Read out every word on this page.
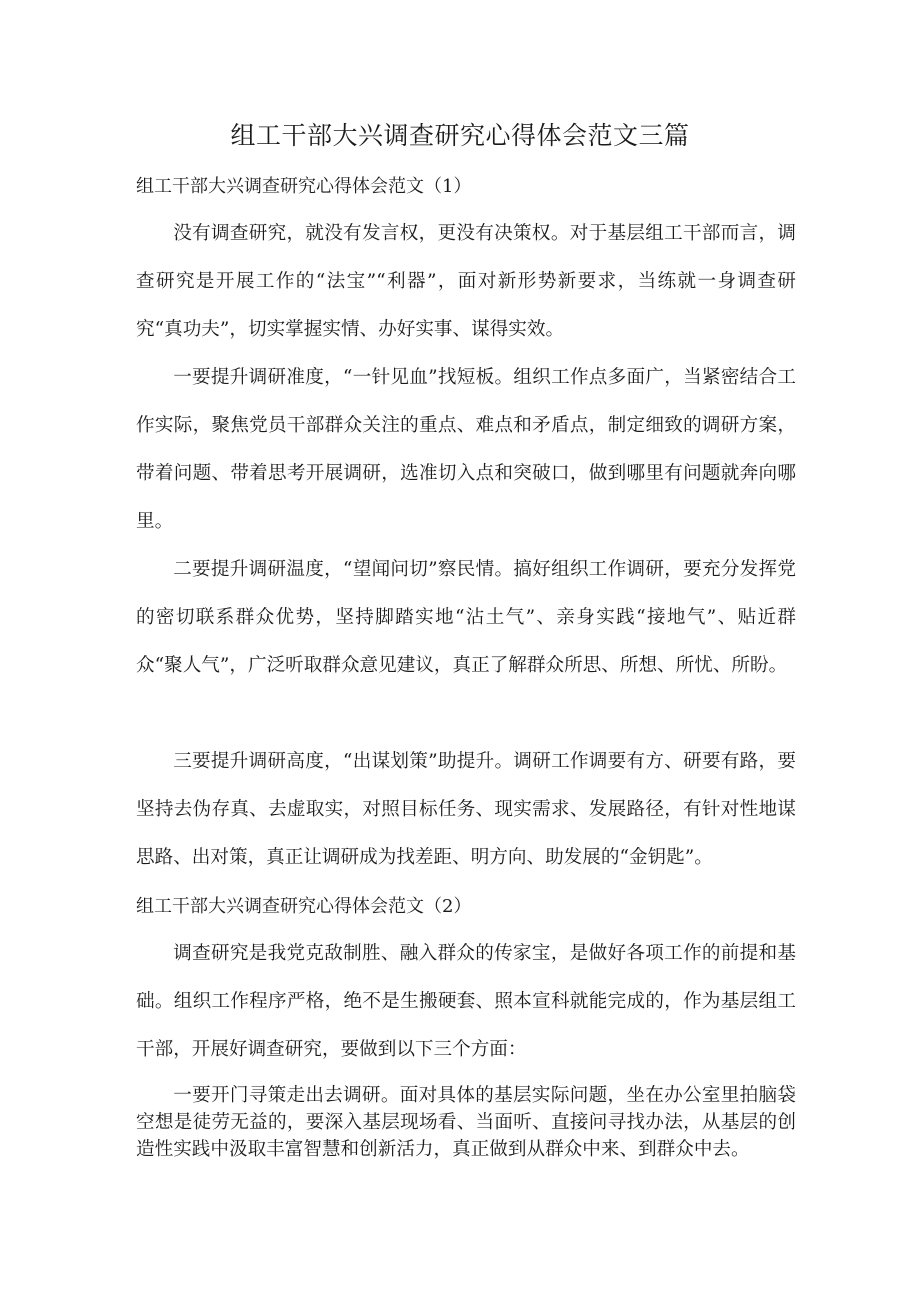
组工干部大兴调查研究心得体会范文三篇
组工干部大兴调查研究心得体会范文（1）

没有调查研究，就没有发言权，更没有决策权。对于基层组工干部而言，调查研究是开展工作的“法宝”“利器”，面对新形势新要求，当练就一身调查研究“真功夫”，切实掌握实情、办好实事、谋得实效。

一要提升调研准度，“一针见血”找短板。组织工作点多面广，当紧密结合工作实际，聚焦党员干部群众关注的重点、难点和矛盾点，制定细致的调研方案，带着问题、带着思考开展调研，选准切入点和突破口，做到哪里有问题就奔向哪里。

二要提升调研温度，“望闻问切”察民情。搞好组织工作调研，要充分发挥党的密切联系群众优势，坚持脚踏实地“沾土气”、亲身实践“接地气”、贴近群众“聚人气”，广泛听取群众意见建议，真正了解群众所思、所想、所忧、所盼。

三要提升调研高度，“出谋划策”助提升。调研工作调要有方、研要有路，要坚持去伪存真、去虚取实，对照目标任务、现实需求、发展路径，有针对性地谋思路、出对策，真正让调研成为找差距、明方向、助发展的“金钥匙”。

组工干部大兴调查研究心得体会范文（2）

调查研究是我党克敌制胜、融入群众的传家宝，是做好各项工作的前提和基础。组织工作程序严格，绝不是生搬硬套、照本宣科就能完成的，作为基层组工干部，开展好调查研究，要做到以下三个方面：

一要开门寻策走出去调研。面对具体的基层实际问题，坐在办公室里拍脑袋空想是徒劳无益的，要深入基层现场看、当面听、直接问寻找办法，从基层的创造性实践中汲取丰富智慧和创新活力，真正做到从群众中来、到群众中去。
